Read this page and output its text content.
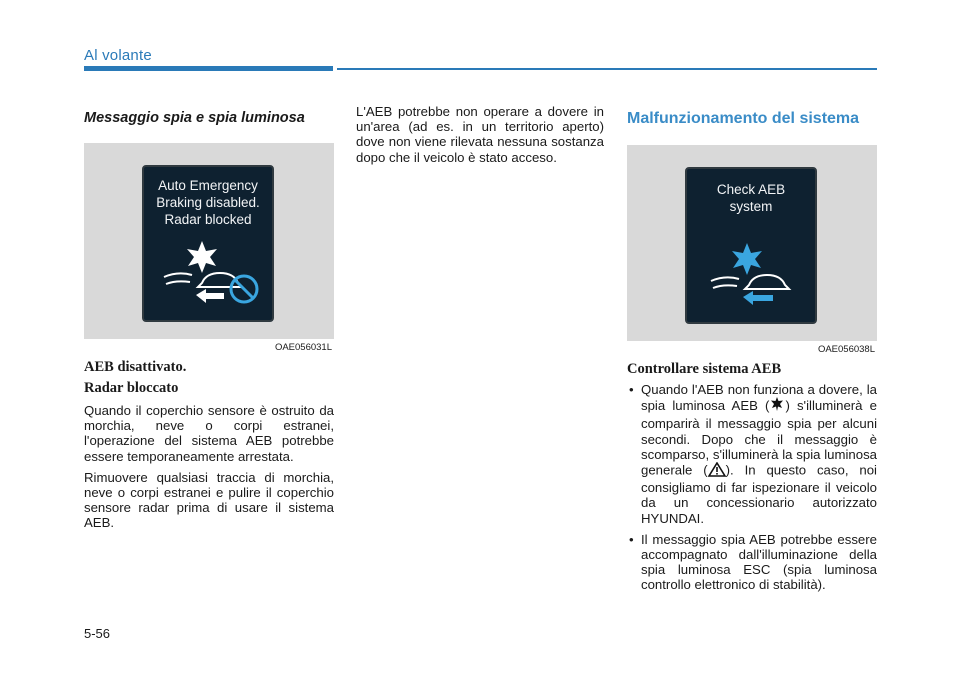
Al volante

Messaggio spia e spia luminosa

Auto Emergency
Braking disabled.
Radar blocked
OAE056031L

AEB disattivato.

Radar bloccato

Quando il coperchio sensore è ostruito da morchia, neve o corpi estranei, l'operazione del sistema AEB potrebbe essere temporaneamente arrestata.

Rimuovere qualsiasi traccia di morchia, neve o corpi estranei e pulire il coperchio sensore radar prima di usare il sistema AEB.

L'AEB potrebbe non operare a dovere in un'area (ad es. in un territorio aperto) dove non viene rilevata nessuna sostanza dopo che il veicolo è stato acceso.

Malfunzionamento del sistema

Check AEB
system
OAE056038L

Controllare sistema AEB

• Quando l'AEB non funziona a dovere, la spia luminosa AEB ( ) s'illuminerà e comparirà il messaggio spia per alcuni secondi. Dopo che il messaggio è scomparso, s'illuminerà la spia luminosa generale ( ). In questo caso, noi consigliamo di far ispezionare il veicolo da un concessionario autorizzato HYUNDAI.
• Il messaggio spia AEB potrebbe essere accompagnato dall'illuminazione della spia luminosa ESC (spia luminosa controllo elettronico di stabilità).
5-56
